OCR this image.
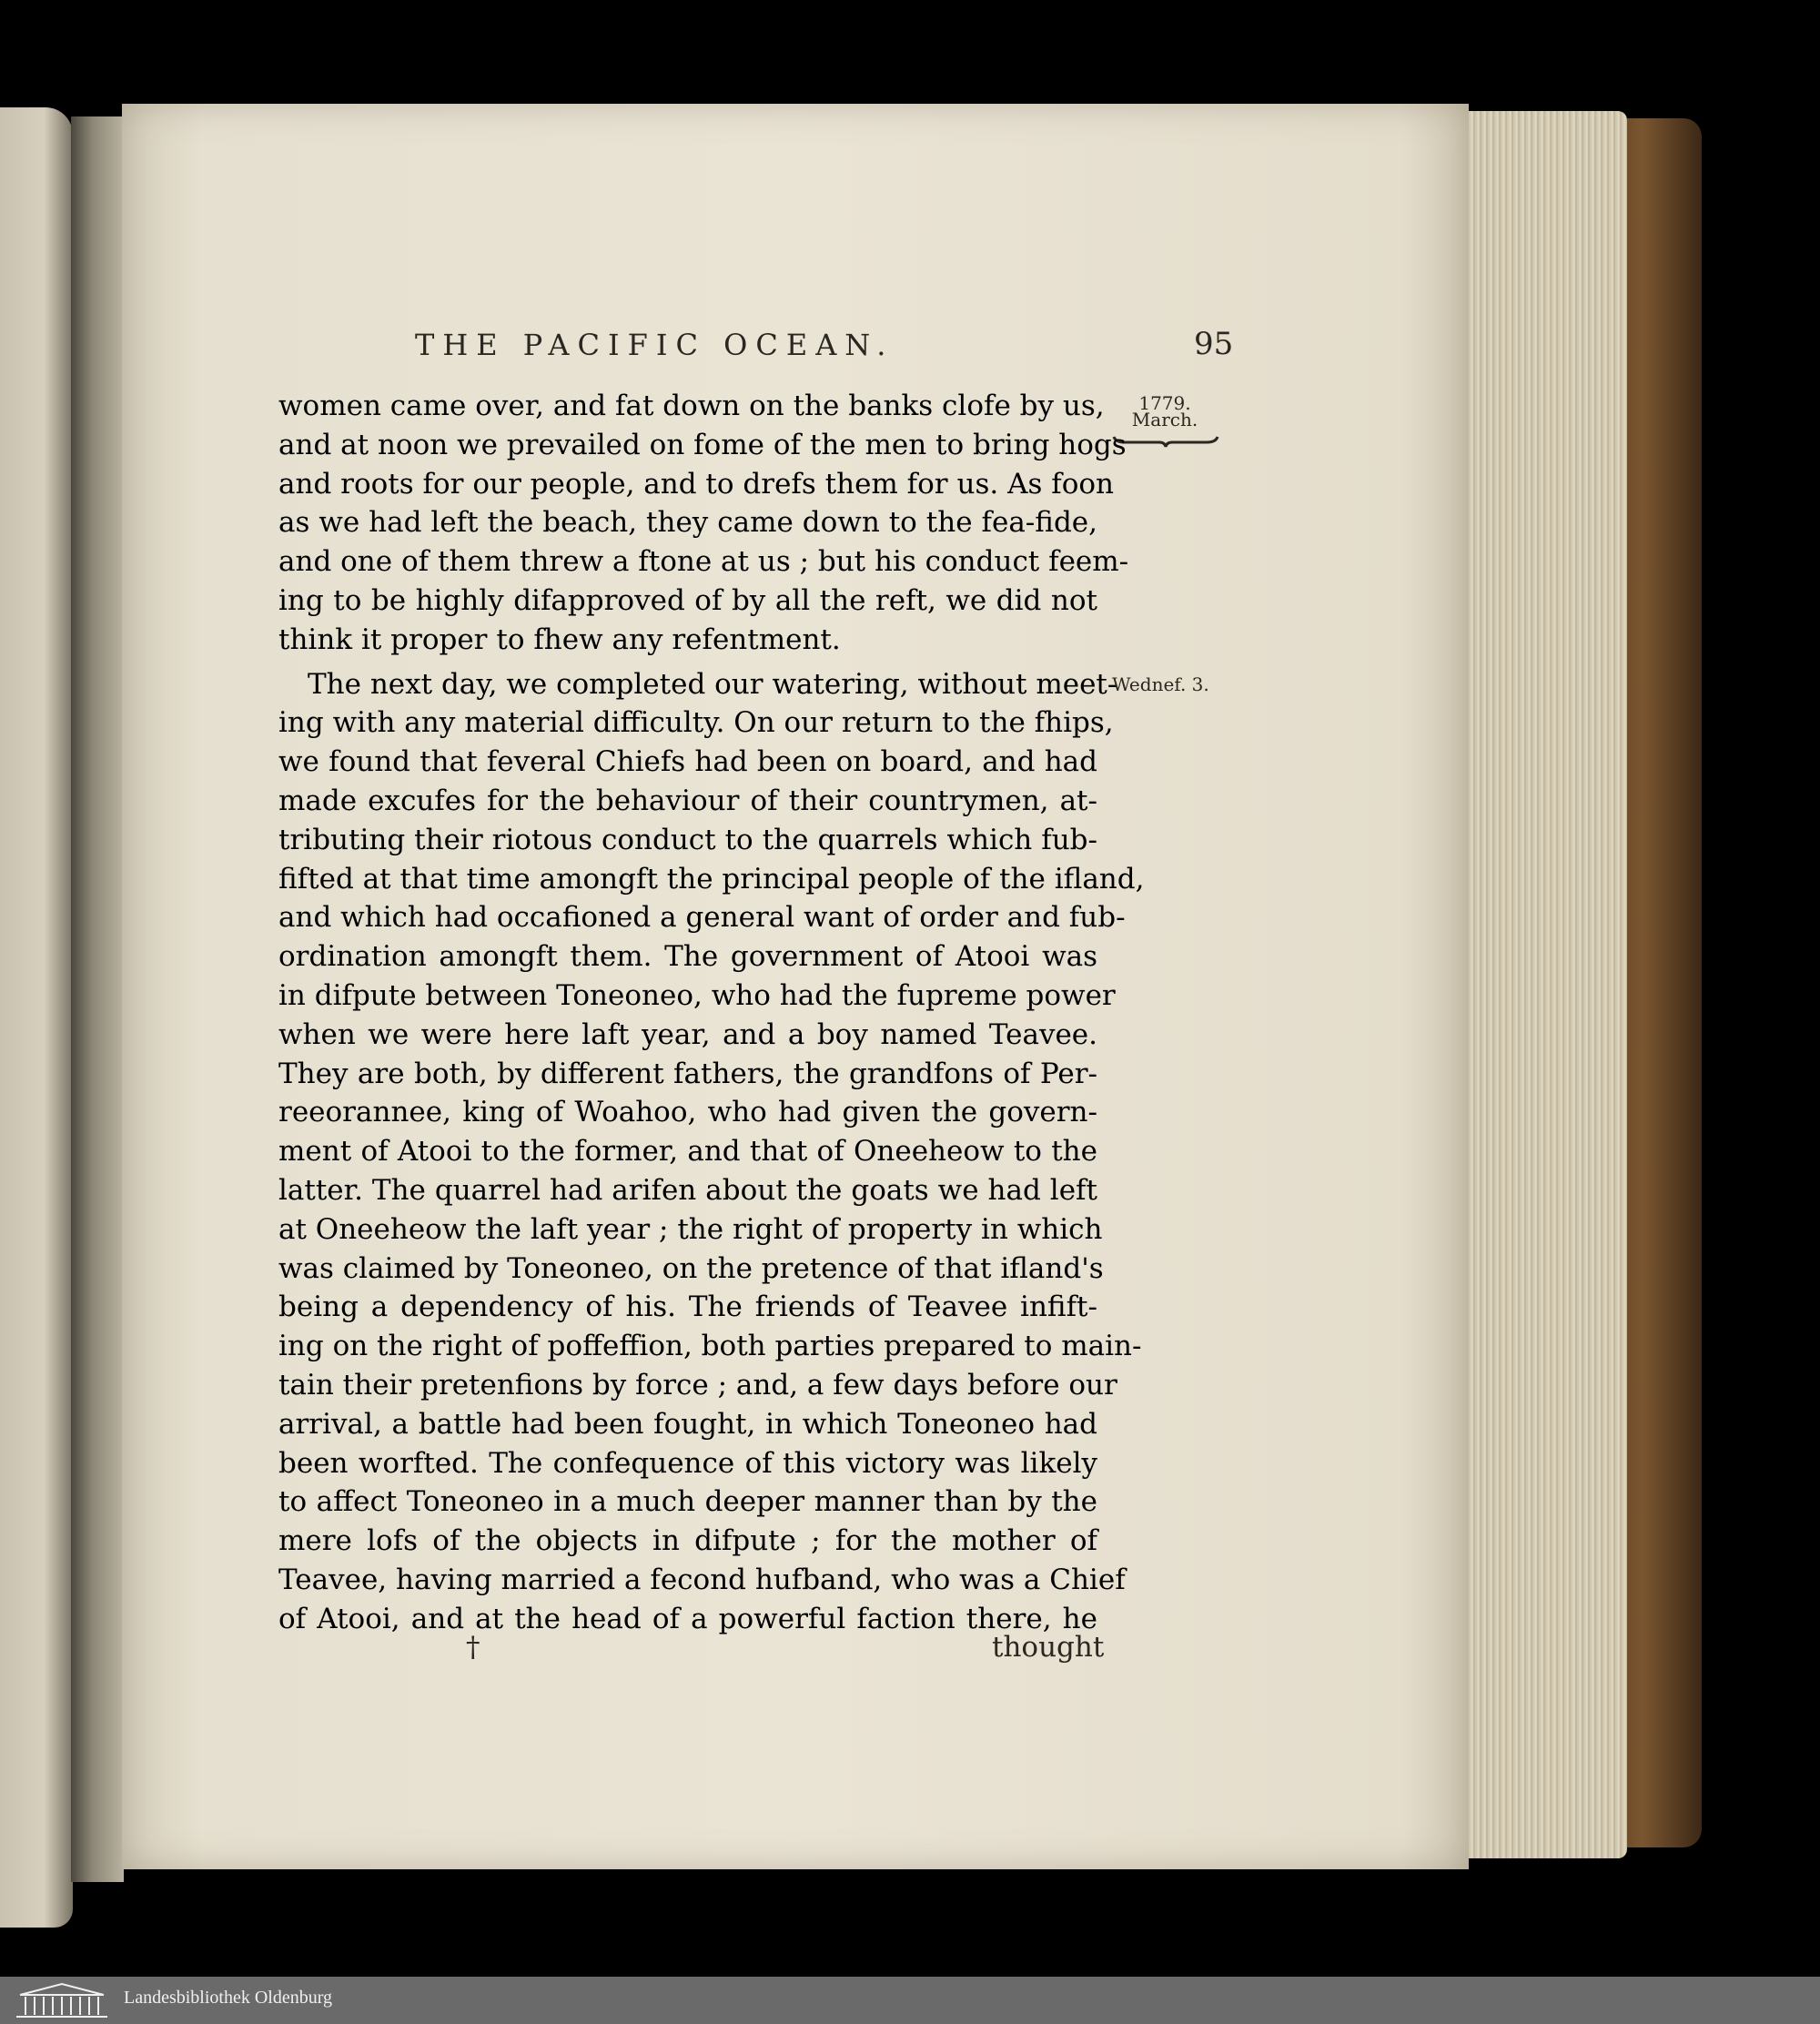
THE PACIFIC OCEAN.	95
1779.
March.
Wednef. 3.
women came over, and fat down on the banks clofe by us,
and at noon we prevailed on fome of the men to bring hogs
and roots for our people, and to drefs them for us. As foon
as we had left the beach, they came down to the fea-fide,
and one of them threw a ftone at us ; but his conduct feem-
ing to be highly difapproved of by all the reft, we did not
think it proper to fhew any refentment.
The next day, we completed our watering, without meet-
ing with any material difficulty. On our return to the fhips,
we found that feveral Chiefs had been on board, and had
made excufes for the behaviour of their countrymen, at-
tributing their riotous conduct to the quarrels which fub-
fifted at that time amongft the principal people of the ifland,
and which had occafioned a general want of order and fub-
ordination amongft them. The government of Atooi was
in difpute between Toneoneo, who had the fupreme power
when we were here laft year, and a boy named Teavee.
They are both, by different fathers, the grandfons of Per-
reeorannee, king of Woahoo, who had given the govern-
ment of Atooi to the former, and that of Oneeheow to the
latter. The quarrel had arifen about the goats we had left
at Oneeheow the laft year ; the right of property in which
was claimed by Toneoneo, on the pretence of that ifland's
being a dependency of his. The friends of Teavee infift-
ing on the right of poffeffion, both parties prepared to main-
tain their pretenfions by force ; and, a few days before our
arrival, a battle had been fought, in which Toneoneo had
been worfted. The confequence of this victory was likely
to affect Toneoneo in a much deeper manner than by the
mere lofs of the objects in difpute ; for the mother of
Teavee, having married a fecond hufband, who was a Chief
of Atooi, and at the head of a powerful faction there, he
†	thought
Landesbibliothek Oldenburg
